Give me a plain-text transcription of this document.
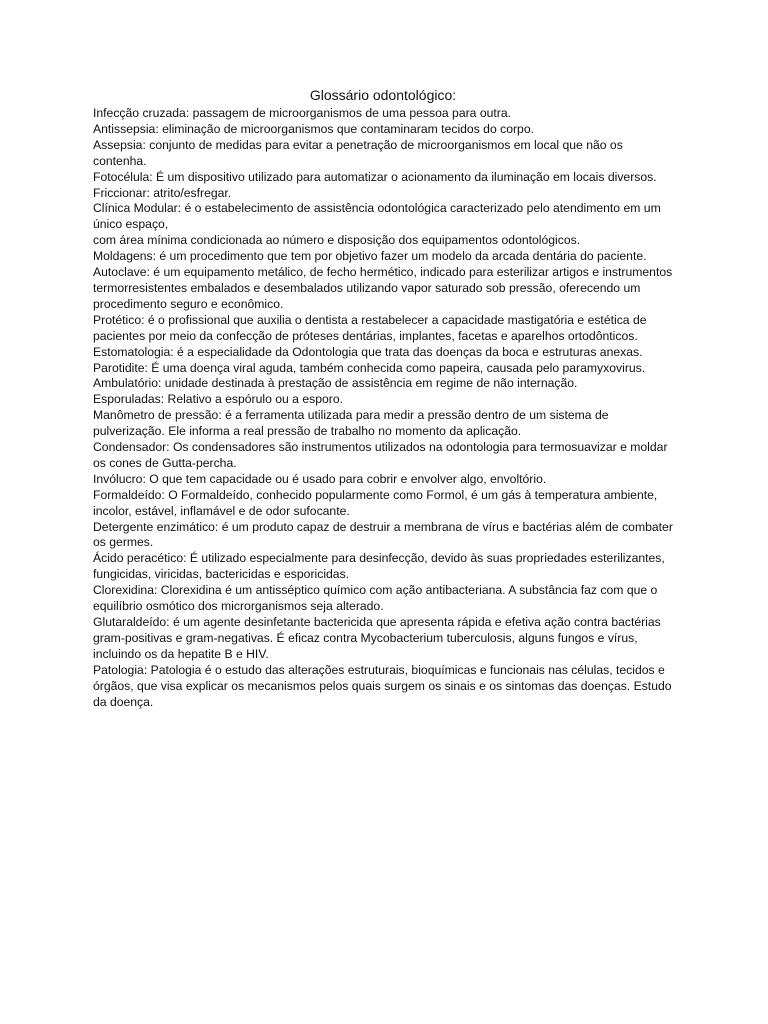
Glossário odontológico:

Infecção cruzada: passagem de microorganismos de uma pessoa para outra.

Antissepsia: eliminação de microorganismos que contaminaram tecidos do corpo.

Assepsia: conjunto de medidas para evitar a penetração de microorganismos em local que não os contenha.

Fotocélula: É um dispositivo utilizado para automatizar o acionamento da iluminação em locais diversos.

Friccionar: atrito/esfregar.

Clínica Modular: é o estabelecimento de assistência odontológica caracterizado pelo atendimento em um único espaço,

com área mínima condicionada ao número e disposição dos equipamentos odontológicos.

Moldagens: é um procedimento que tem por objetivo fazer um modelo da arcada dentária do paciente.

Autoclave: é um equipamento metálico, de fecho hermético, indicado para esterilizar artigos e instrumentos termorresistentes embalados e desembalados utilizando vapor saturado sob pressão, oferecendo um procedimento seguro e econômico.

Protético: é o profissional que auxilia o dentista a restabelecer a capacidade mastigatória e estética de pacientes por meio da confecção de próteses dentárias, implantes, facetas e aparelhos ortodônticos.

Estomatologia: é a especialidade da Odontologia que trata das doenças da boca e estruturas anexas.

Parotidite: É uma doença viral aguda, também conhecida como papeira, causada pelo paramyxovirus.

Ambulatório: unidade destinada à prestação de assistência em regime de não internação.

Esporuladas: Relativo a espórulo ou a esporo.

Manômetro de pressão: é a ferramenta utilizada para medir a pressão dentro de um sistema de pulverização. Ele informa a real pressão de trabalho no momento da aplicação.

Condensador: Os condensadores são instrumentos utilizados na odontologia para termosuavizar e moldar os cones de Gutta-percha.

Invólucro: O que tem capacidade ou é usado para cobrir e envolver algo, envoltório.

Formaldeído: O Formaldeído, conhecido popularmente como Formol, é um gás à temperatura ambiente, incolor, estável, inflamável e de odor sufocante.

Detergente enzimático: é um produto capaz de destruir a membrana de vírus e bactérias além de combater os germes.

Ácido peracético: É utilizado especialmente para desinfecção, devido às suas propriedades esterilizantes, fungicidas, viricidas, bactericidas e esporicidas.

Clorexidina: Clorexidina é um antisséptico químico com ação antibacteriana. A substância faz com que o equilíbrio osmótico dos microrganismos seja alterado.

Glutaraldeído: é um agente desinfetante bactericida que apresenta rápida e efetiva ação contra bactérias gram-positivas e gram-negativas. É eficaz contra Mycobacterium tuberculosis, alguns fungos e vírus, incluindo os da hepatite B e HIV.

Patologia: Patologia é o estudo das alterações estruturais, bioquímicas e funcionais nas células, tecidos e órgãos, que visa explicar os mecanismos pelos quais surgem os sinais e os sintomas das doenças. Estudo da doença.
